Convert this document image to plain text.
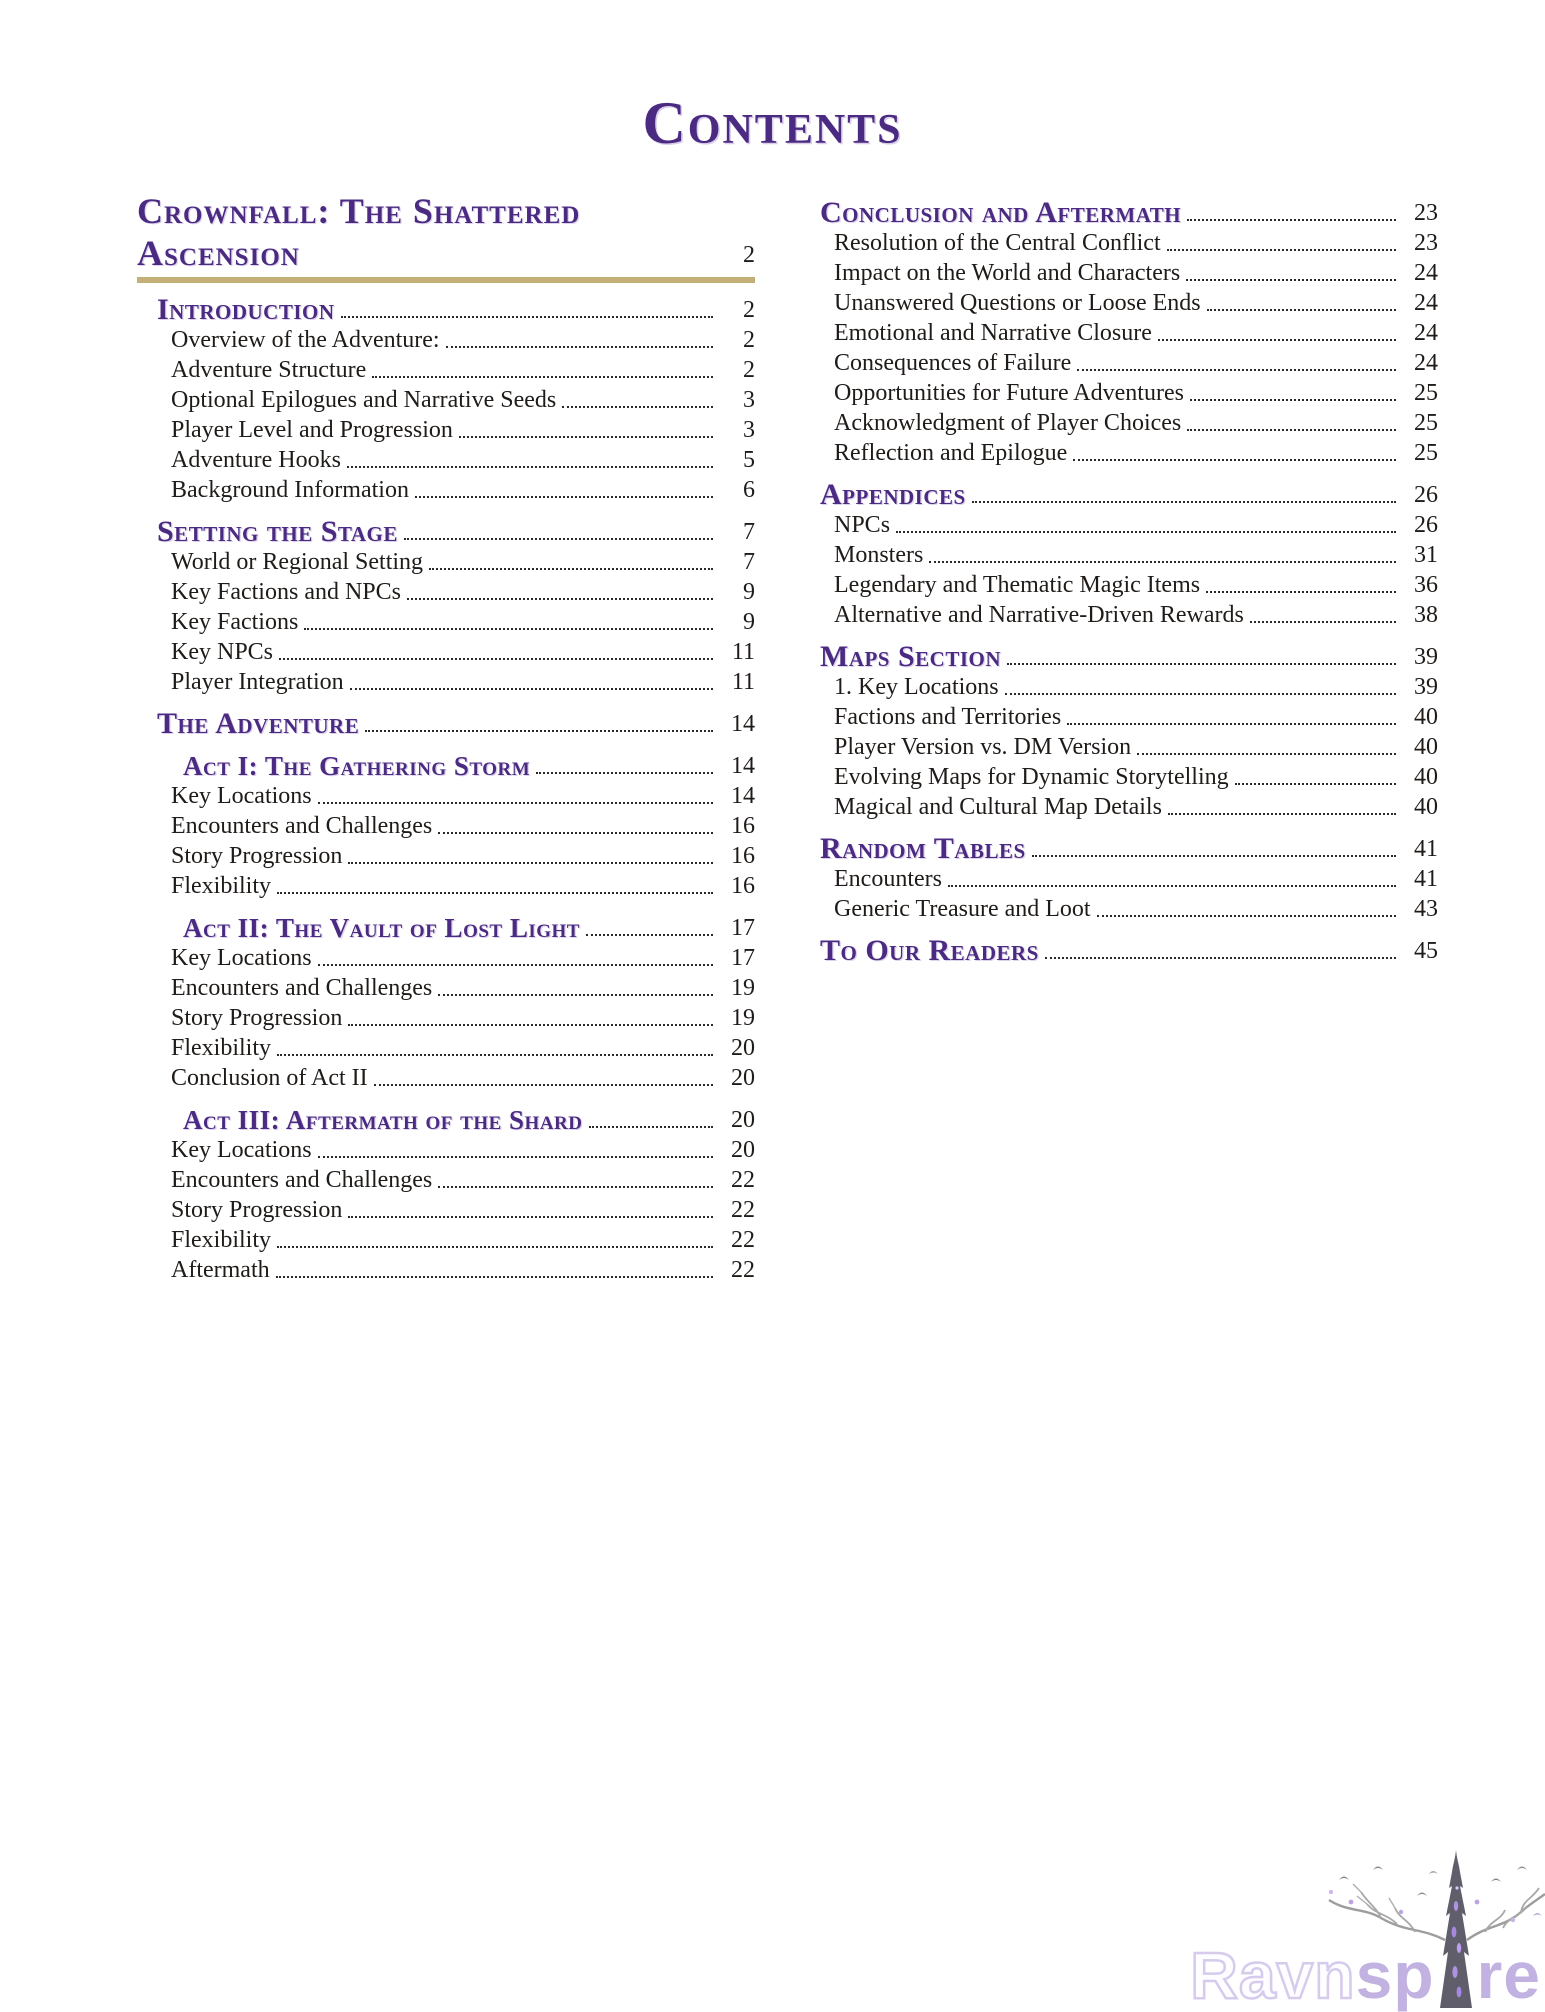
Contents
Crownfall: The Shattered Ascension	2
Introduction	2
Overview of the Adventure:	2
Adventure Structure	2
Optional Epilogues and Narrative Seeds	3
Player Level and Progression	3
Adventure Hooks	5
Background Information	6
Setting the Stage	7
World or Regional Setting	7
Key Factions and NPCs	9
Key Factions	9
Key NPCs	11
Player Integration	11
The Adventure	14
Act I: The Gathering Storm	14
Key Locations	14
Encounters and Challenges	16
Story Progression	16
Flexibility	16
Act II: The Vault of Lost Light	17
Key Locations	17
Encounters and Challenges	19
Story Progression	19
Flexibility	20
Conclusion of Act II	20
Act III: Aftermath of the Shard	20
Key Locations	20
Encounters and Challenges	22
Story Progression	22
Flexibility	22
Aftermath	22
Conclusion and Aftermath	23
Resolution of the Central Conflict	23
Impact on the World and Characters	24
Unanswered Questions or Loose Ends	24
Emotional and Narrative Closure	24
Consequences of Failure	24
Opportunities for Future Adventures	25
Acknowledgment of Player Choices	25
Reflection and Epilogue	25
Appendices	26
NPCs	26
Monsters	31
Legendary and Thematic Magic Items	36
Alternative and Narrative-Driven Rewards	38
Maps Section	39
1. Key Locations	39
Factions and Territories	40
Player Version vs. DM Version	40
Evolving Maps for Dynamic Storytelling	40
Magical and Cultural Map Details	40
Random Tables	41
Encounters	41
Generic Treasure and Loot	43
To Our Readers	45
Ravn sp re
